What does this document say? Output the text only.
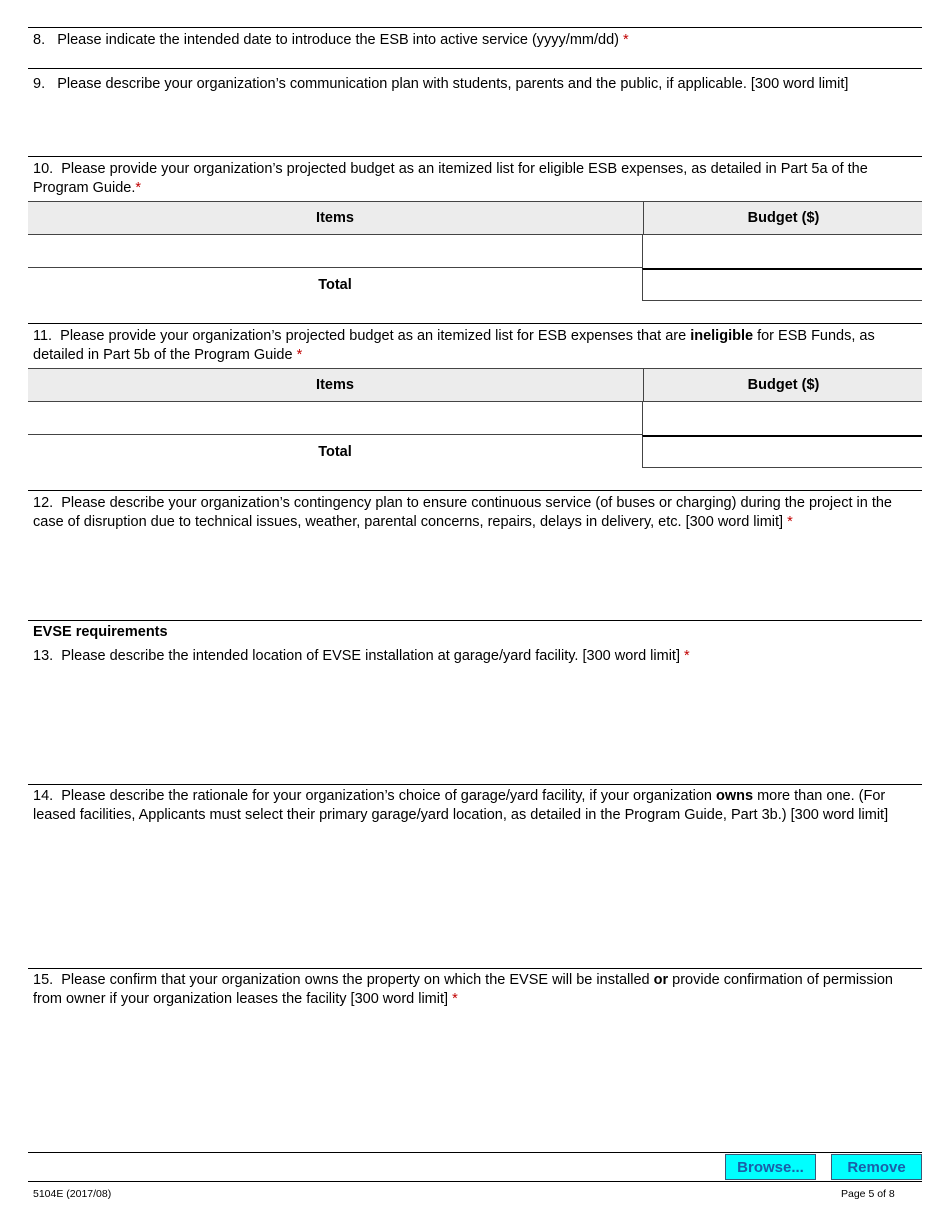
8. Please indicate the intended date to introduce the ESB into active service (yyyy/mm/dd) *
9. Please describe your organization’s communication plan with students, parents and the public, if applicable. [300 word limit]
10. Please provide your organization’s projected budget as an itemized list for eligible ESB expenses, as detailed in Part 5a of the Program Guide.*
Items	Budget ($)
Total
11. Please provide your organization’s projected budget as an itemized list for ESB expenses that are ineligible for ESB Funds, as detailed in Part 5b of the Program Guide *
Items	Budget ($)
Total
12. Please describe your organization’s contingency plan to ensure continuous service (of buses or charging) during the project in the case of disruption due to technical issues, weather, parental concerns, repairs, delays in delivery, etc. [300 word limit] *
EVSE requirements
13. Please describe the intended location of EVSE installation at garage/yard facility. [300 word limit] *
14. Please describe the rationale for your organization’s choice of garage/yard facility, if your organization owns more than one. (For leased facilities, Applicants must select their primary garage/yard location, as detailed in the Program Guide, Part 3b.) [300 word limit]
15. Please confirm that your organization owns the property on which the EVSE will be installed or provide confirmation of permission from owner if your organization leases the facility [300 word limit] *
Browse...	Remove
5104E (2017/08)	Page 5 of 8
